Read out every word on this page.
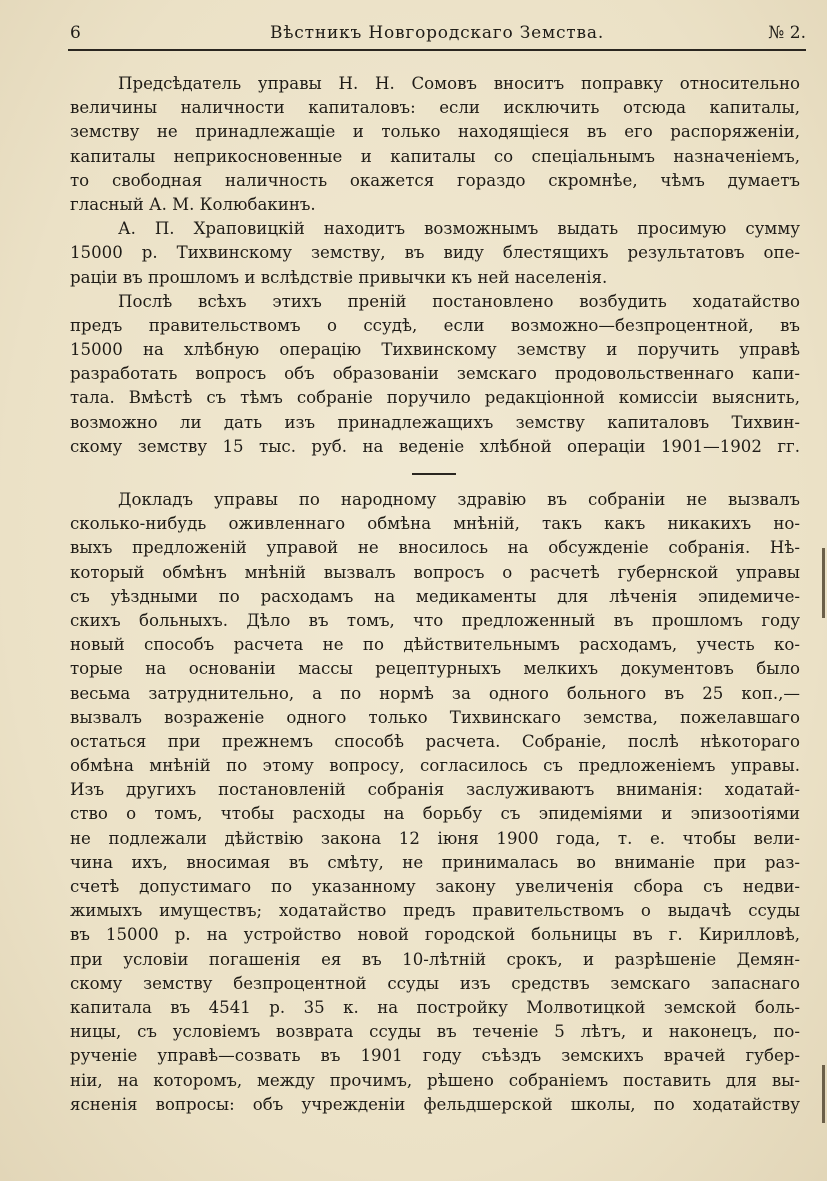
6	Вѣстникъ Новгородскаго Земства.	№ 2.
Предсѣдатель управы Н. Н. Сомовъ вноситъ поправку относительно
величины наличности капиталовъ: если исключить отсюда капиталы,
земству не принадлежащіе и только находящіеся въ его распоряженіи,
капиталы неприкосновенные и капиталы со спеціальнымъ назначеніемъ,
то свободная наличность окажется гораздо скромнѣе, чѣмъ думаетъ
гласный А. М. Колюбакинъ.
А. П. Храповицкій находитъ возможнымъ выдать просимую сумму
15000 р. Тихвинскому земству, въ виду блестящихъ результатовъ опе-
раціи въ прошломъ и вслѣдствіе привычки къ ней населенія.
Послѣ всѣхъ этихъ преній постановлено возбудить ходатайство
предъ правительствомъ о ссудѣ, если возможно—безпроцентной, въ
15000 на хлѣбную операцію Тихвинскому земству и поручить управѣ
разработать вопросъ объ образованіи земскаго продовольственнаго капи-
тала. Вмѣстѣ съ тѣмъ собраніе поручило редакціонной комиссіи выяснить,
возможно ли дать изъ принадлежащихъ земству капиталовъ Тихвин-
скому земству 15 тыс. руб. на веденіе хлѣбной операціи 1901—1902 гг.
Докладъ управы по народному здравію въ собраніи не вызвалъ
сколько-нибудь оживленнаго обмѣна мнѣній, такъ какъ никакихъ но-
выхъ предложеній управой не вносилось на обсужденіе собранія. Нѣ-
который обмѣнъ мнѣній вызвалъ вопросъ о расчетѣ губернской управы
съ уѣздными по расходамъ на медикаменты для лѣченія эпидемиче-
скихъ больныхъ. Дѣло въ томъ, что предложенный въ прошломъ году
новый способъ расчета не по дѣйствительнымъ расходамъ, учесть ко-
торые на основаніи массы рецептурныхъ мелкихъ документовъ было
весьма затруднительно, а по нормѣ за одного больного въ 25 коп.,—
вызвалъ возраженіе одного только Тихвинскаго земства, пожелавшаго
остаться при прежнемъ способѣ расчета. Собраніе, послѣ нѣкотораго
обмѣна мнѣній по этому вопросу, согласилось съ предложеніемъ управы.
Изъ другихъ постановленій собранія заслуживаютъ вниманія: ходатай-
ство о томъ, чтобы расходы на борьбу съ эпидеміями и эпизоотіями
не подлежали дѣйствію закона 12 іюня 1900 года, т. е. чтобы вели-
чина ихъ, вносимая въ смѣту, не принималась во вниманіе при раз-
счетѣ допустимаго по указанному закону увеличенія сбора съ недви-
жимыхъ имуществъ; ходатайство предъ правительствомъ о выдачѣ ссуды
въ 15000 р. на устройство новой городской больницы въ г. Кирилловѣ,
при условіи погашенія ея въ 10-лѣтній срокъ, и разрѣшеніе Демян-
скому земству безпроцентной ссуды изъ средствъ земскаго запаснаго
капитала въ 4541 р. 35 к. на постройку Молвотицкой земской боль-
ницы, съ условіемъ возврата ссуды въ теченіе 5 лѣтъ, и наконецъ, по-
рученіе управѣ—созвать въ 1901 году съѣздъ земскихъ врачей губер-
ніи, на которомъ, между прочимъ, рѣшено собраніемъ поставить для вы-
ясненія вопросы: объ учрежденіи фельдшерской школы, по ходатайству
